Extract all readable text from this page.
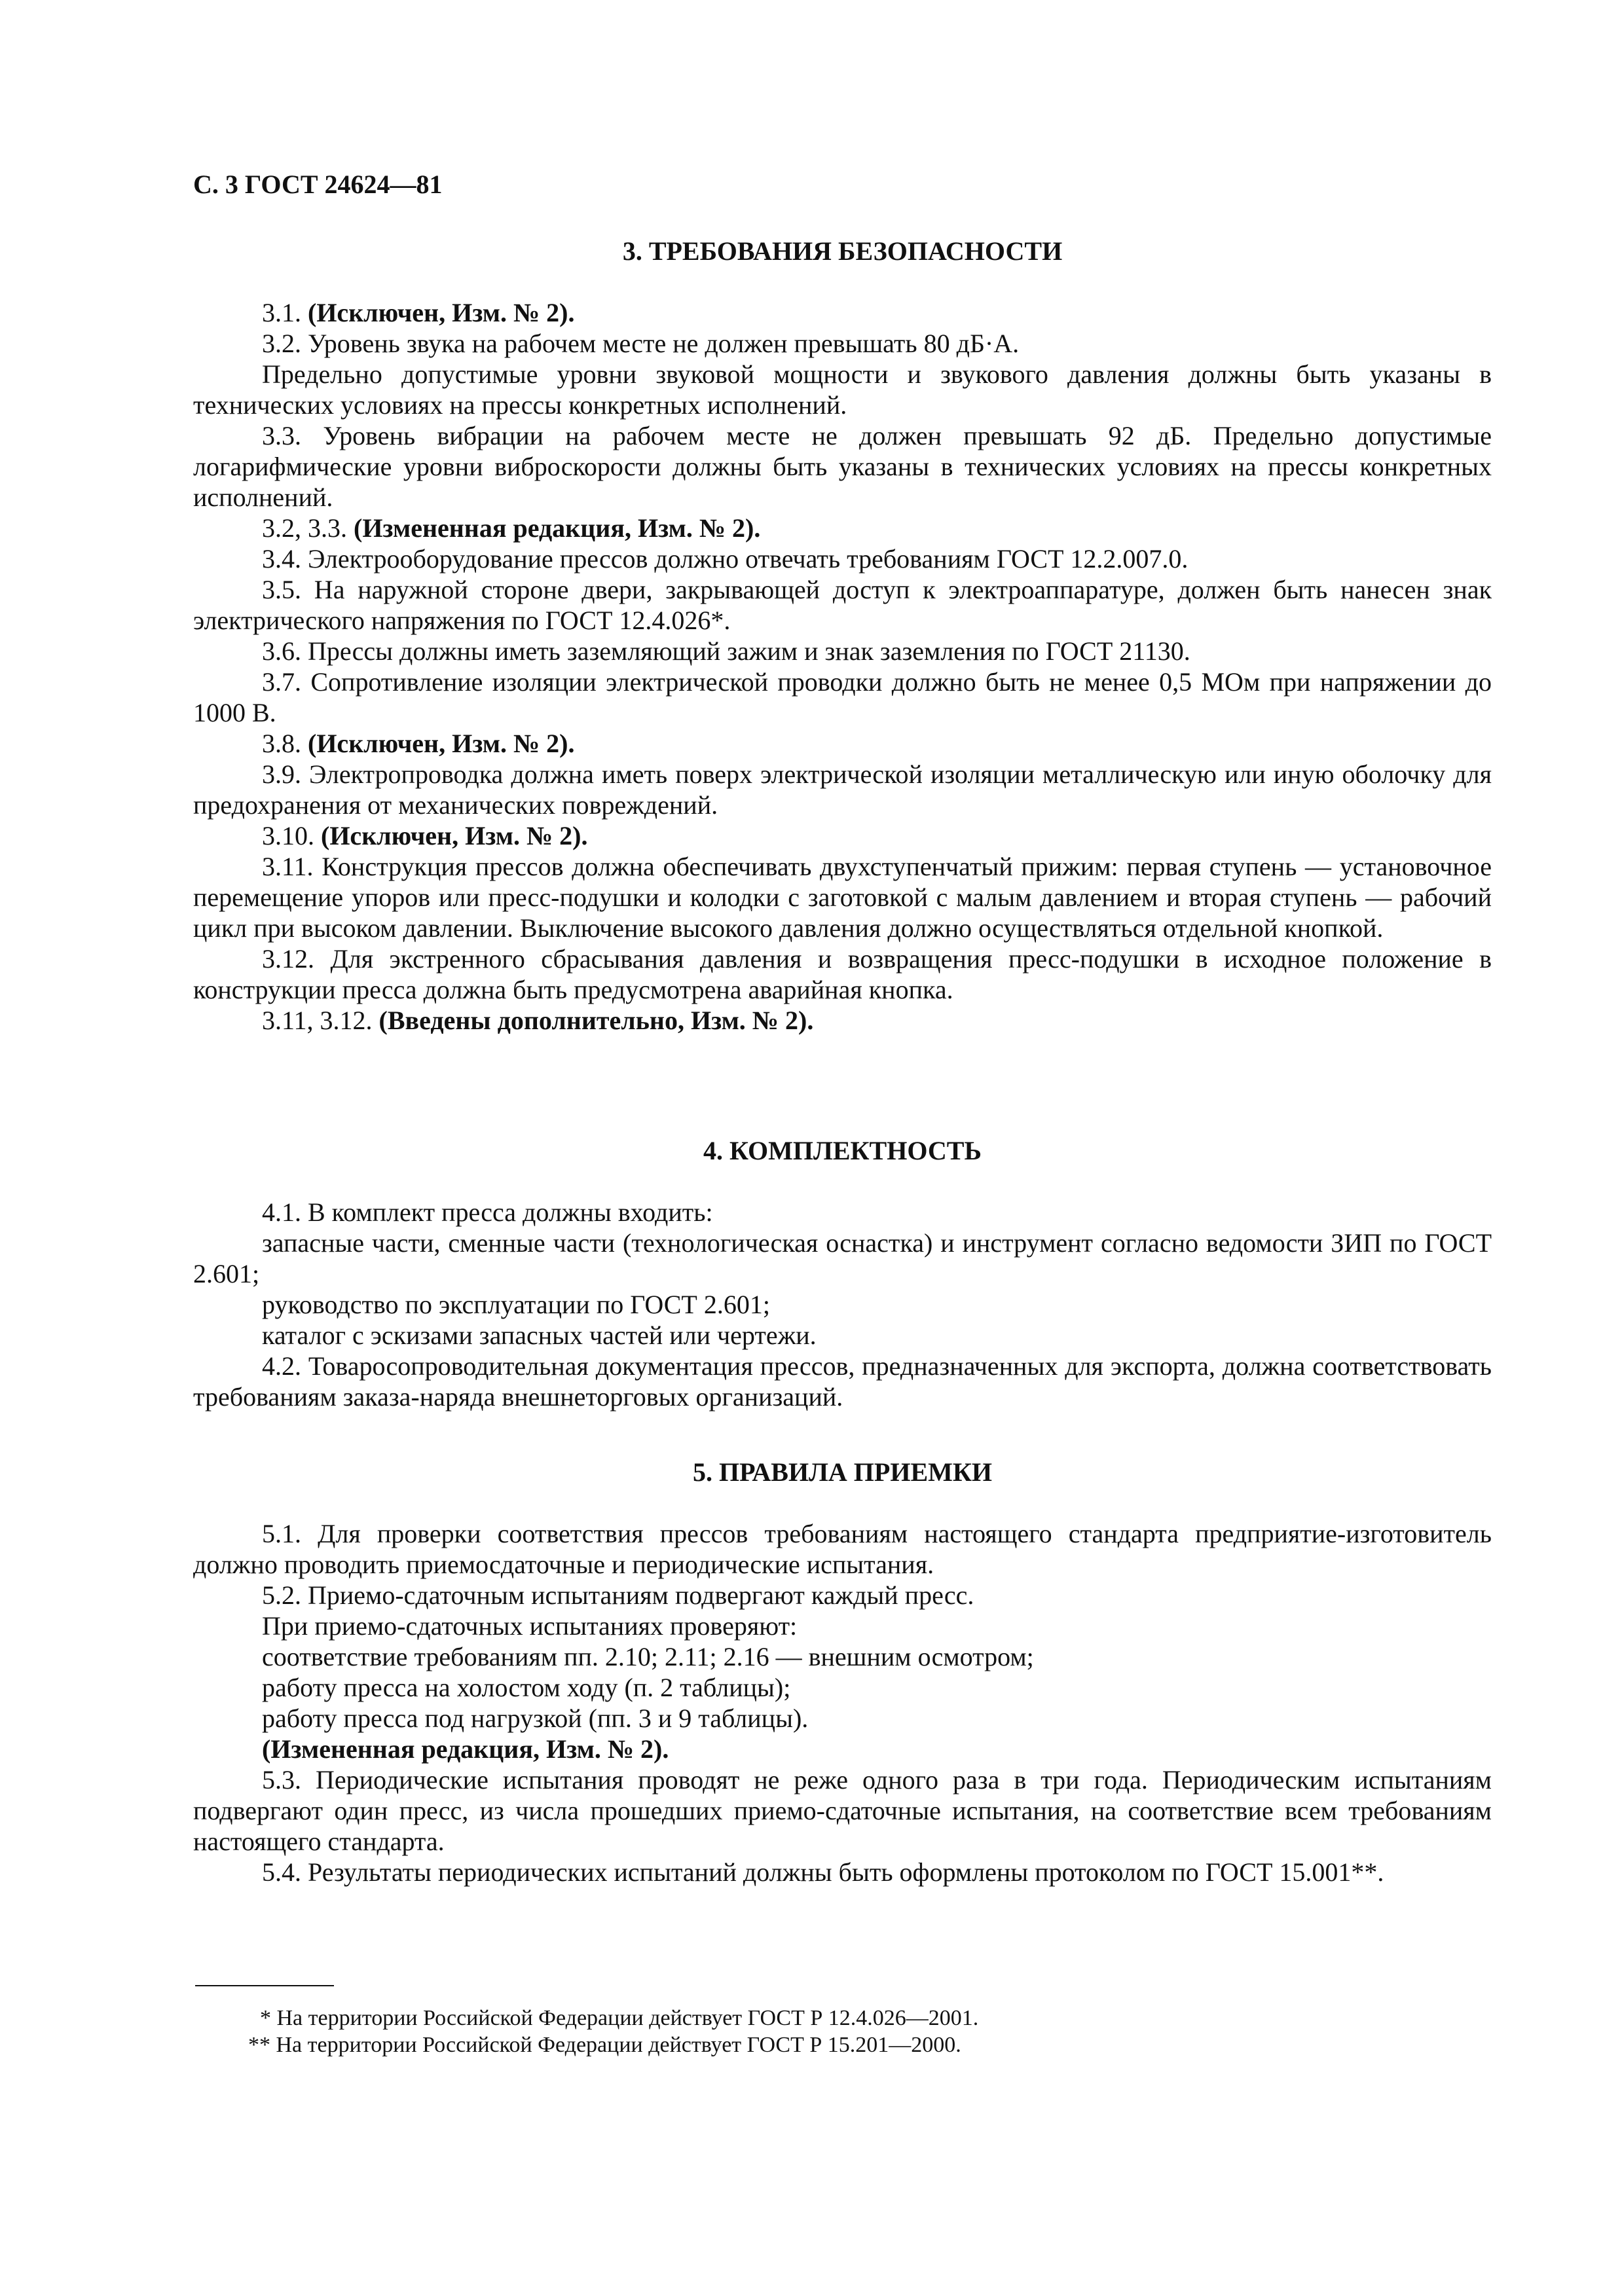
С. 3 ГОСТ 24624—81
3. ТРЕБОВАНИЯ БЕЗОПАСНОСТИ

3.1. (Исключен, Изм. № 2).

3.2. Уровень звука на рабочем месте не должен превышать 80 дБ·А.

Предельно допустимые уровни звуковой мощности и звукового давления должны быть указаны в технических условиях на прессы конкретных исполнений.

3.3. Уровень вибрации на рабочем месте не должен превышать 92 дБ. Предельно допустимые логарифмические уровни виброскорости должны быть указаны в технических условиях на прессы конкретных исполнений.

3.2, 3.3. (Измененная редакция, Изм. № 2).

3.4. Электрооборудование прессов должно отвечать требованиям ГОСТ 12.2.007.0.

3.5. На наружной стороне двери, закрывающей доступ к электроаппаратуре, должен быть нанесен знак электрического напряжения по ГОСТ 12.4.026*.

3.6. Прессы должны иметь заземляющий зажим и знак заземления по ГОСТ 21130.

3.7. Сопротивление изоляции электрической проводки должно быть не менее 0,5 МОм при напряжении до 1000 В.

3.8. (Исключен, Изм. № 2).

3.9. Электропроводка должна иметь поверх электрической изоляции металлическую или иную оболочку для предохранения от механических повреждений.

3.10. (Исключен, Изм. № 2).

3.11. Конструкция прессов должна обеспечивать двухступенчатый прижим: первая ступень — установочное перемещение упоров или пресс-подушки и колодки с заготовкой с малым давлением и вторая ступень — рабочий цикл при высоком давлении. Выключение высокого давления должно осуществляться отдельной кнопкой.

3.12. Для экстренного сбрасывания давления и возвращения пресс-подушки в исходное положение в конструкции пресса должна быть предусмотрена аварийная кнопка.

3.11, 3.12. (Введены дополнительно, Изм. № 2).

4. КОМПЛЕКТНОСТЬ

4.1. В комплект пресса должны входить:

запасные части, сменные части (технологическая оснастка) и инструмент согласно ведомости ЗИП по ГОСТ 2.601;

руководство по эксплуатации по ГОСТ 2.601;

каталог с эскизами запасных частей или чертежи.

4.2. Товаросопроводительная документация прессов, предназначенных для экспорта, должна соответствовать требованиям заказа-наряда внешнеторговых организаций.

5. ПРАВИЛА ПРИЕМКИ

5.1. Для проверки соответствия прессов требованиям настоящего стандарта предприятие-изготовитель должно проводить приемосдаточные и периодические испытания.

5.2. Приемо-сдаточным испытаниям подвергают каждый пресс.

При приемо-сдаточных испытаниях проверяют:

соответствие требованиям пп. 2.10; 2.11; 2.16 — внешним осмотром;

работу пресса на холостом ходу (п. 2 таблицы);

работу пресса под нагрузкой (пп. 3 и 9 таблицы).

(Измененная редакция, Изм. № 2).

5.3. Периодические испытания проводят не реже одного раза в три года. Периодическим испытаниям подвергают один пресс, из числа прошедших приемо-сдаточные испытания, на соответствие всем требованиям настоящего стандарта.

5.4. Результаты периодических испытаний должны быть оформлены протоколом по ГОСТ 15.001**.

* На территории Российской Федерации действует ГОСТ Р 12.4.026—2001.

** На территории Российской Федерации действует ГОСТ Р 15.201—2000.
